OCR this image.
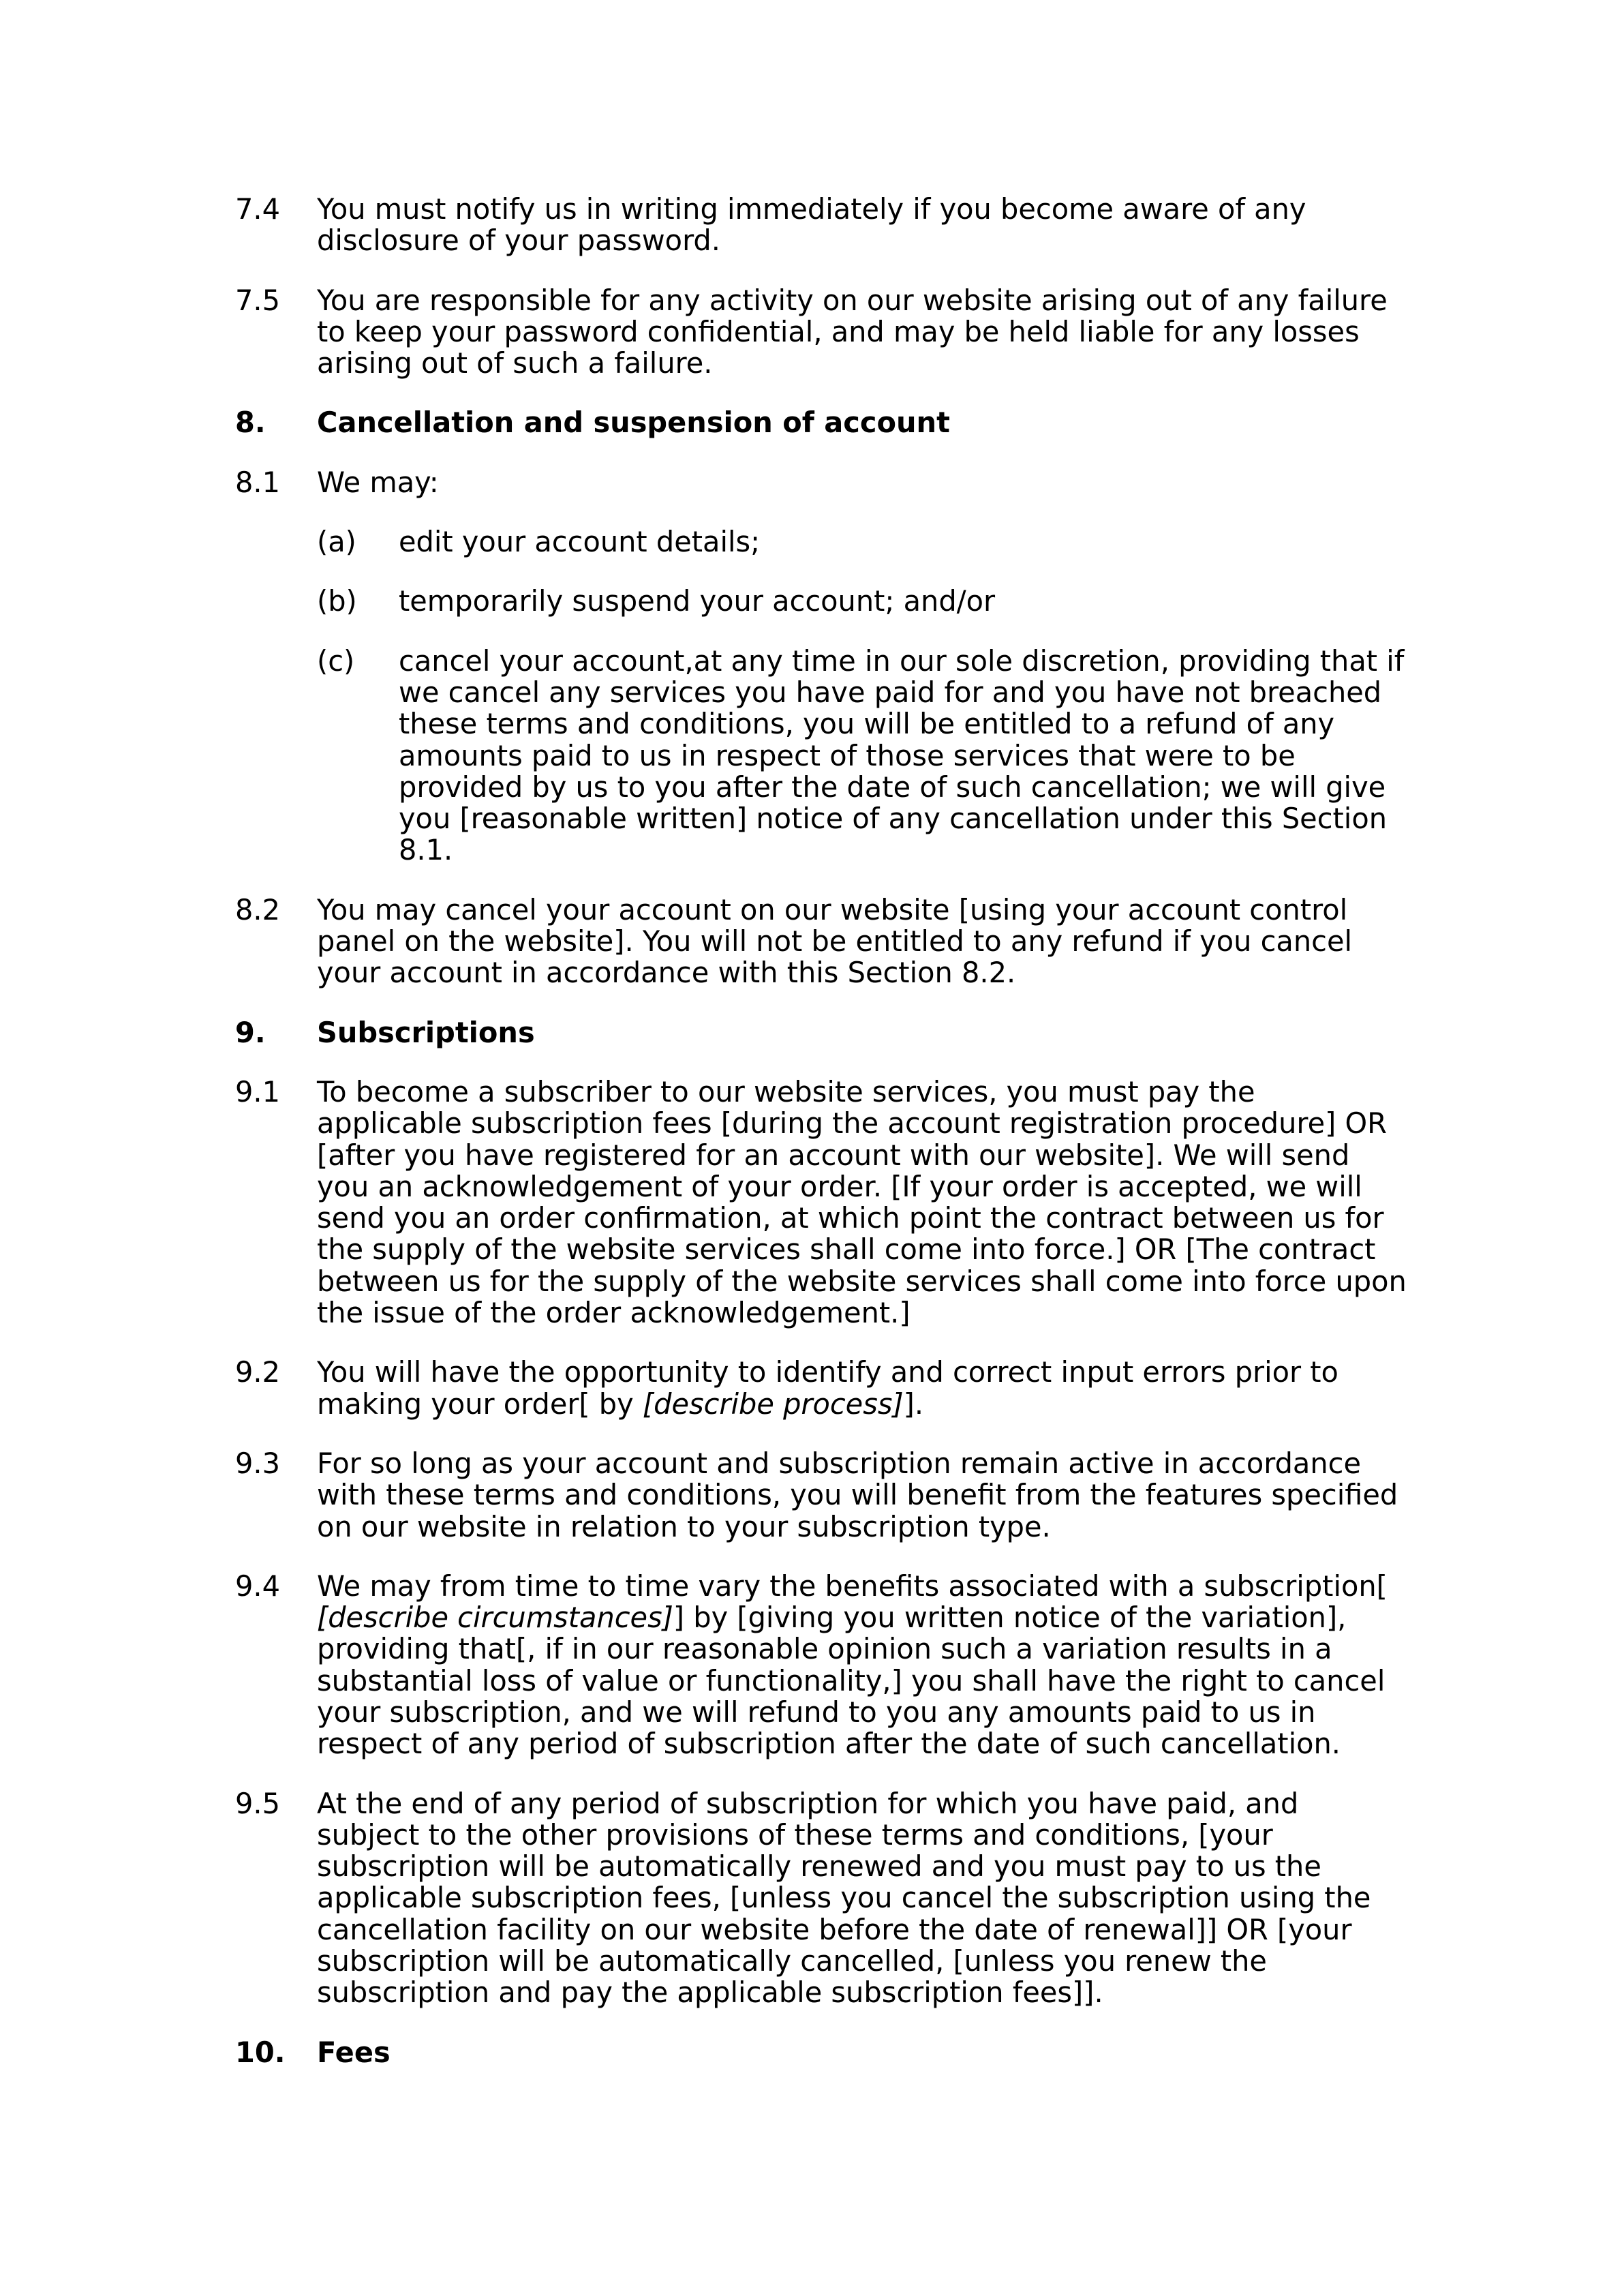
7.4	You must notify us in writing immediately if you become aware of any disclosure of your password.
7.5	You are responsible for any activity on our website arising out of any failure to keep your password confidential, and may be held liable for any losses arising out of such a failure.
8.	Cancellation and suspension of account
8.1	We may:
(a)	edit your account details;
(b)	temporarily suspend your account; and/or
(c)	cancel your account,at any time in our sole discretion, providing that if we cancel any services you have paid for and you have not breached these terms and conditions, you will be entitled to a refund of any amounts paid to us in respect of those services that were to be provided by us to you after the date of such cancellation; we will give you [reasonable written] notice of any cancellation under this Section 8.1.
8.2	You may cancel your account on our website [using your account control panel on the website]. You will not be entitled to any refund if you cancel your account in accordance with this Section 8.2.
9.	Subscriptions
9.1	To become a subscriber to our website services, you must pay the applicable subscription fees [during the account registration procedure] OR [after you have registered for an account with our website]. We will send you an acknowledgement of your order. [If your order is accepted, we will send you an order confirmation, at which point the contract between us for the supply of the website services shall come into force.] OR [The contract between us for the supply of the website services shall come into force upon the issue of the order acknowledgement.]
9.2	You will have the opportunity to identify and correct input errors prior to making your order[ by [describe process]].
9.3	For so long as your account and subscription remain active in accordance with these terms and conditions, you will benefit from the features specified on our website in relation to your subscription type.
9.4	We may from time to time vary the benefits associated with a subscription[ [describe circumstances]] by [giving you written notice of the variation], providing that[, if in our reasonable opinion such a variation results in a substantial loss of value or functionality,] you shall have the right to cancel your subscription, and we will refund to you any amounts paid to us in respect of any period of subscription after the date of such cancellation.
9.5	At the end of any period of subscription for which you have paid, and subject to the other provisions of these terms and conditions, [your subscription will be automatically renewed and you must pay to us the applicable subscription fees, [unless you cancel the subscription using the cancellation facility on our website before the date of renewal]] OR [your subscription will be automatically cancelled, [unless you renew the subscription and pay the applicable subscription fees]].
10.	Fees
